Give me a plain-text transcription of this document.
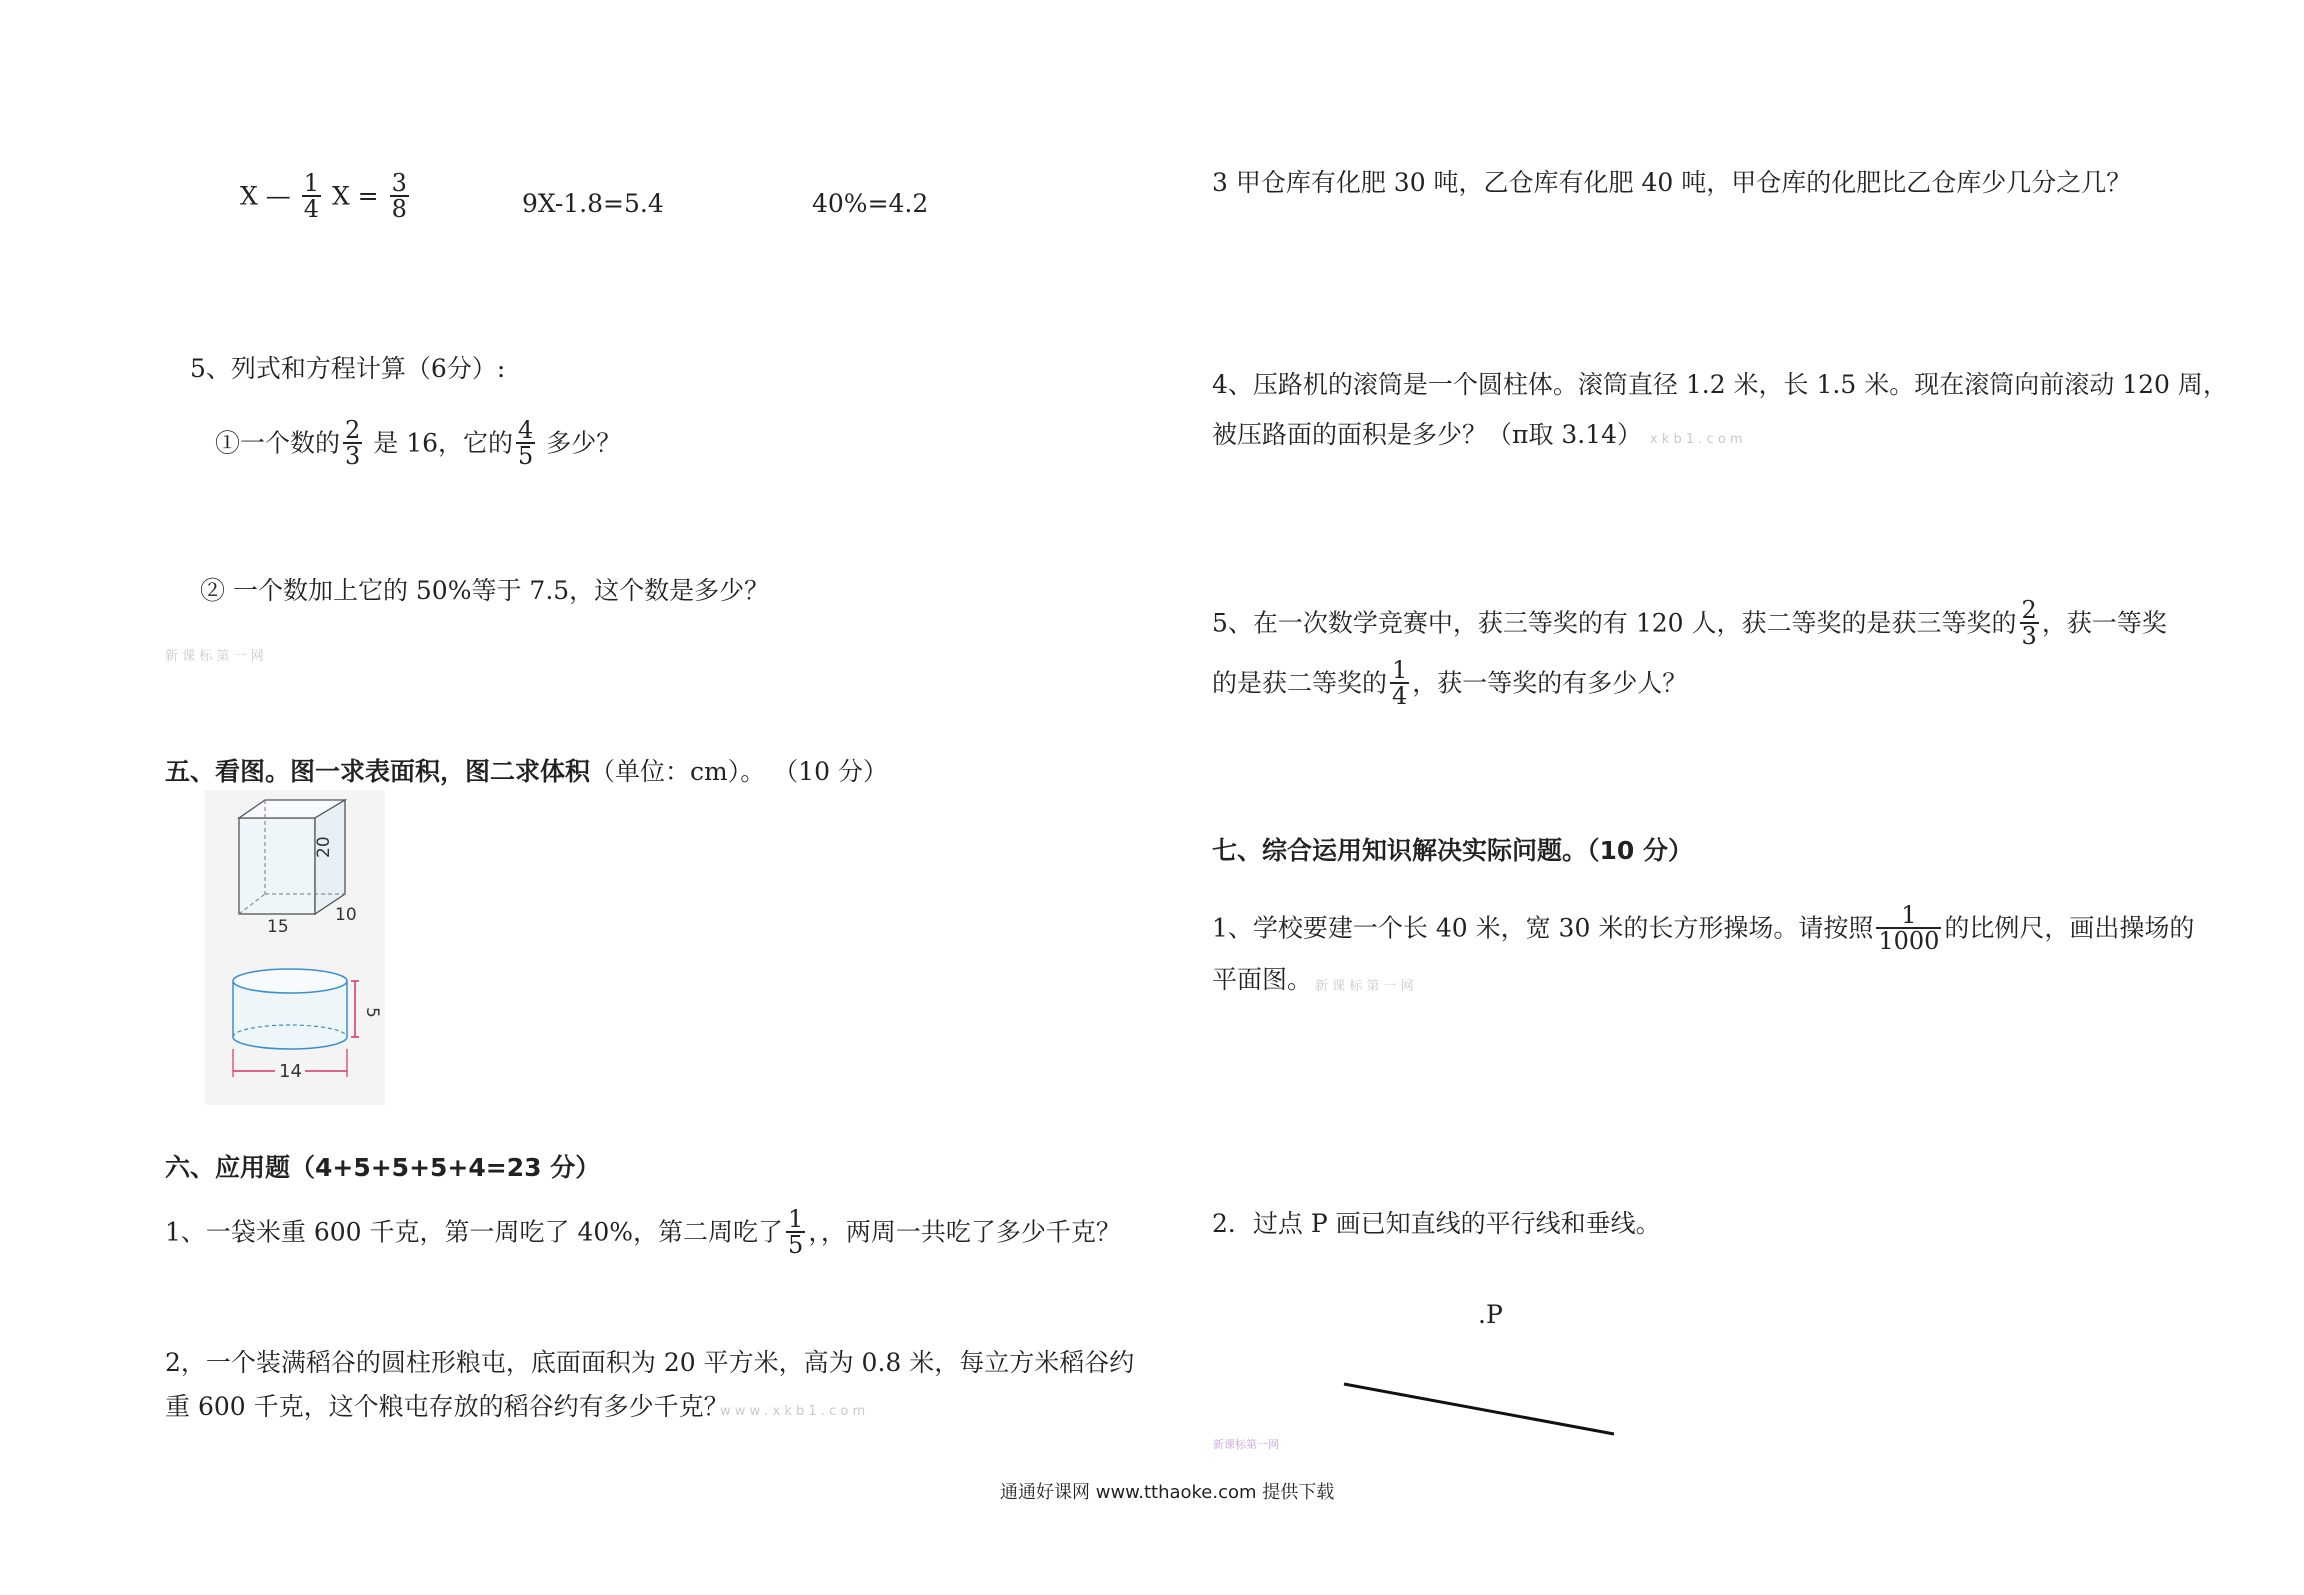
X — $\frac{1}{4}$ $X = \frac{3}{8}$	9X-1.8=5.4	40%=4.2
5、列式和方程计算（6分）:
①一个数的 $\frac{2}{3}$ 是 16，它的 $\frac{4}{5}$ 多少？
② 一个数加上它的 50%等于 7.5，这个数是多少？
新 课 标 第 一 网
五、看图。图一求表面积，图二求体积（单位：cm）。 （10 分）
20
15
10
5
14
六、应用题（4+5+5+5+4=23 分）
1、一袋米重 600 千克，第一周吃了 40%，第二周吃了 $\frac{1}{5}$ ，，两周一共吃了多少千克？
2，一个装满稻谷的圆柱形粮屯，底面面积为 20 平方米，高为 0.8 米，每立方米稻谷约
重 600 千克，这个粮屯存放的稻谷约有多少千克？
w w w . x k b 1 . c o m
3 甲仓库有化肥 30 吨，乙仓库有化肥 40 吨，甲仓库的化肥比乙仓库少几分之几？
4、压路机的滚筒是一个圆柱体。滚筒直径 1.2 米，长 1.5 米。现在滚筒向前滚动 120 周，
被压路面的面积是多少？（π取 3.14） x k b 1 . c o m
5、在一次数学竞赛中，获三等奖的有 120 人，获二等奖的是获三等奖的 $\frac{2}{3}$ ，获一等奖
的是获二等奖的 $\frac{1}{4}$ ，获一等奖的有多少人？
七、综合运用知识解决实际问题。（10 分）
1、学校要建一个长 40 米，宽 30 米的长方形操场。请按照 $\frac{1}{1000}$ 的比例尺，画出操场的
平面图。 新 课 标 第 一 网
2．过点 P 画已知直线的平行线和垂线。
.P
新课标第一网
通通好课网 www.tthaoke.com 提供下载
